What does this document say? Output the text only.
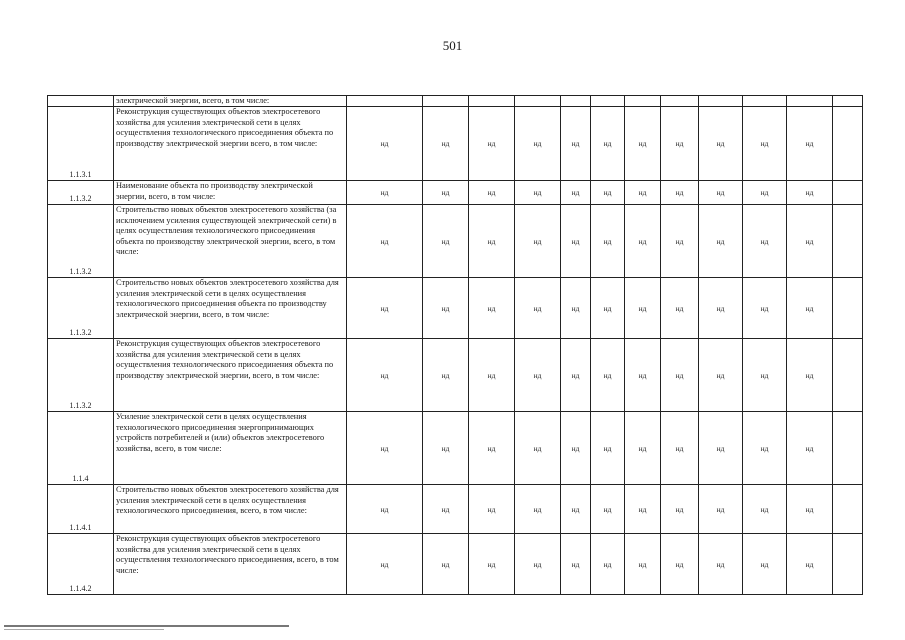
501
	электрической энергии, всего, в том числе:												
1.1.3.1	Реконструкция существующих объектов электросетевого хозяйства для усиления электрической сети в целях осуществления технологического присоединения объекта по производству электрической энергии всего, в том числе:	нд	нд	нд	нд	нд	нд	нд	нд	нд	нд	нд	
1.1.3.2	Наименование объекта по производству электрической энергии, всего, в том числе:	нд	нд	нд	нд	нд	нд	нд	нд	нд	нд	нд	
1.1.3.2	Строительство новых объектов электросетевого хозяйства (за исключением усиления существующей электрической сети) в целях осуществления технологического присоединения объекта по производству электрической энергии, всего, в том числе:	нд	нд	нд	нд	нд	нд	нд	нд	нд	нд	нд	
1.1.3.2	Строительство новых объектов электросетевого хозяйства для усиления электрической сети в целях осуществления технологического присоединения объекта по производству электрической энергии, всего, в том числе:	нд	нд	нд	нд	нд	нд	нд	нд	нд	нд	нд	
1.1.3.2	Реконструкция существующих объектов электросетевого хозяйства для усиления электрической сети в целях осуществления технологического присоединения объекта по производству электрической энергии, всего, в том числе:	нд	нд	нд	нд	нд	нд	нд	нд	нд	нд	нд	
1.1.4	Усиление электрической сети в целях осуществления технологического присоединения энергопринимающих устройств потребителей и (или) объектов электросетевого хозяйства, всего, в том числе:	нд	нд	нд	нд	нд	нд	нд	нд	нд	нд	нд	
1.1.4.1	Строительство новых объектов электросетевого хозяйства для усиления электрической сети в целях осуществления технологического присоединения, всего, в том числе:	нд	нд	нд	нд	нд	нд	нд	нд	нд	нд	нд	
1.1.4.2	Реконструкция существующих объектов электросетевого хозяйства для усиления электрической сети в целях осуществления технологического присоединения, всего, в том числе:	нд	нд	нд	нд	нд	нд	нд	нд	нд	нд	нд	
